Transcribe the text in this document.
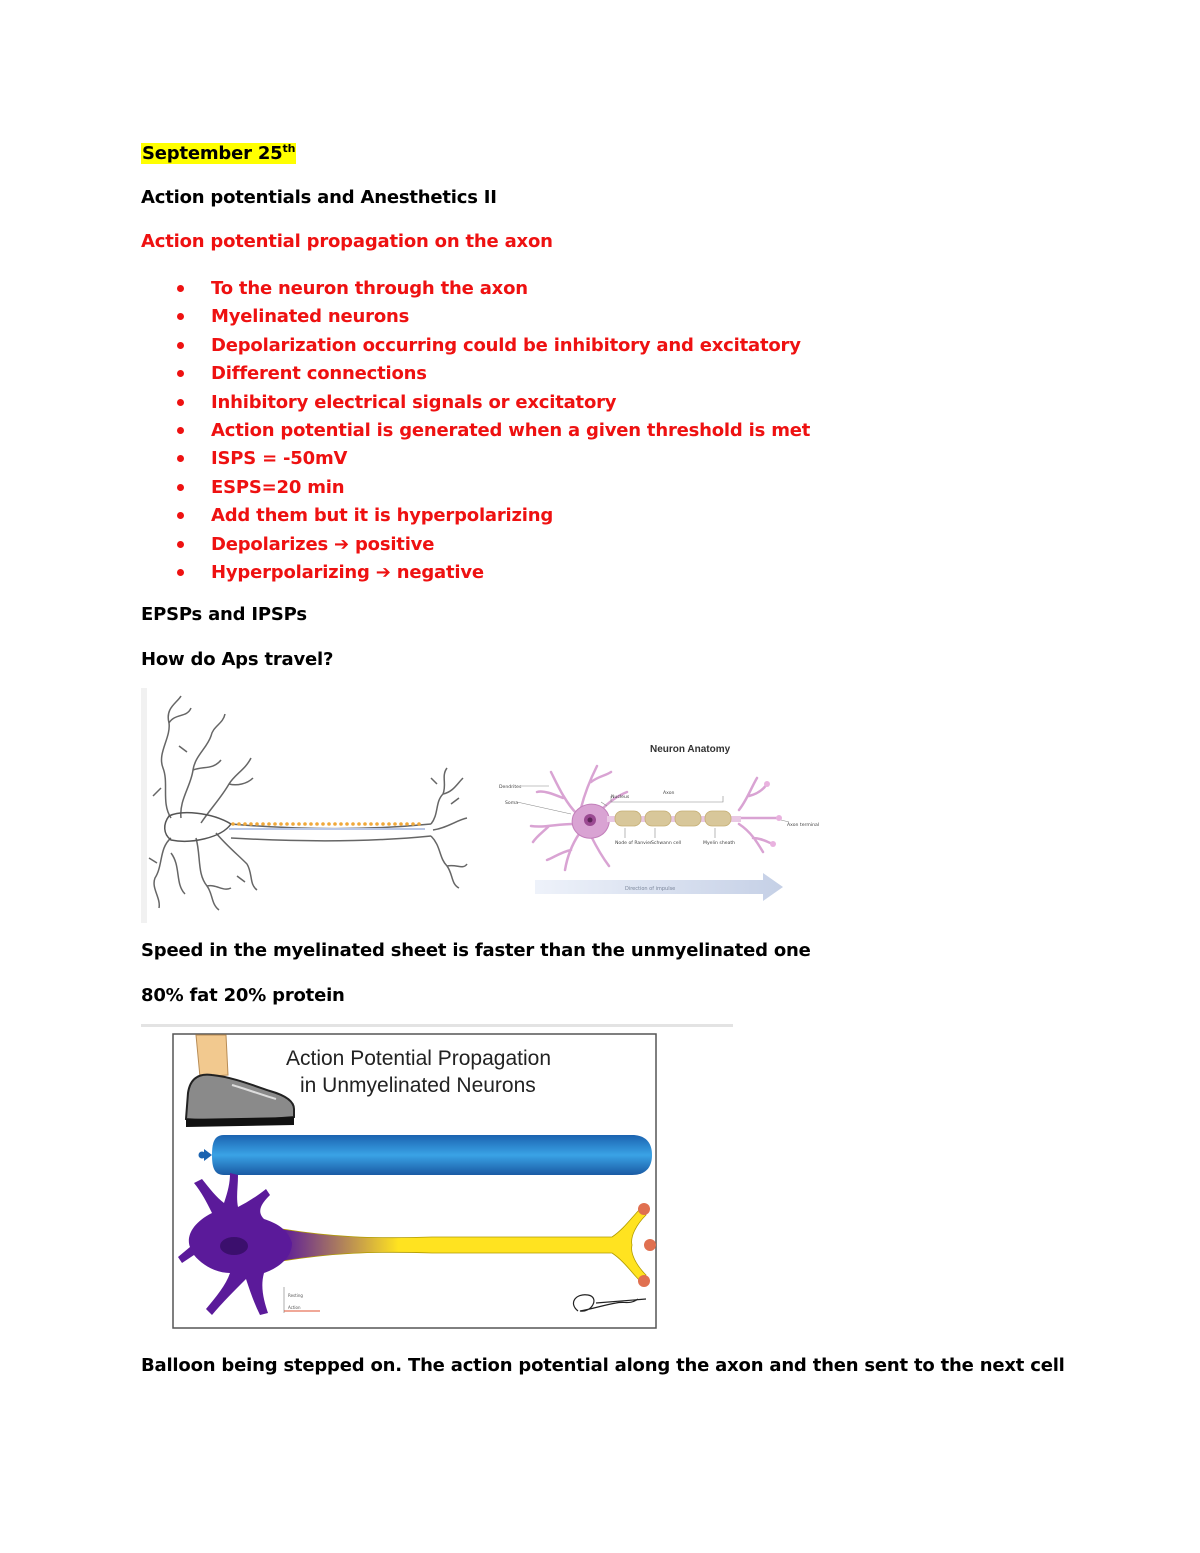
September 25th
Action potentials and Anesthetics II
Action potential propagation on the axon
To the neuron through the axon
Myelinated neurons
Depolarization occurring could be inhibitory and excitatory
Different connections
Inhibitory electrical signals or excitatory
Action potential is generated when a given threshold is met
ISPS = -50mV
ESPS=20 min
Add them but it is hyperpolarizing
Depolarizes ➔ positive
Hyperpolarizing ➔ negative
EPSPs and IPSPs
How do Aps travel?
Neuron Anatomy
Dendrites
Soma
Nucleus
Axon
Node of Ranvier Schwann cell	Myelin sheath
Axon terminal
Direction of impulse
Speed in the myelinated sheet is faster than the unmyelinated one
80% fat 20% protein
Action Potential Propagation
in Unmyelinated Neurons
Resting
Action
Balloon being stepped on. The action potential along the axon and then sent to the next cell
